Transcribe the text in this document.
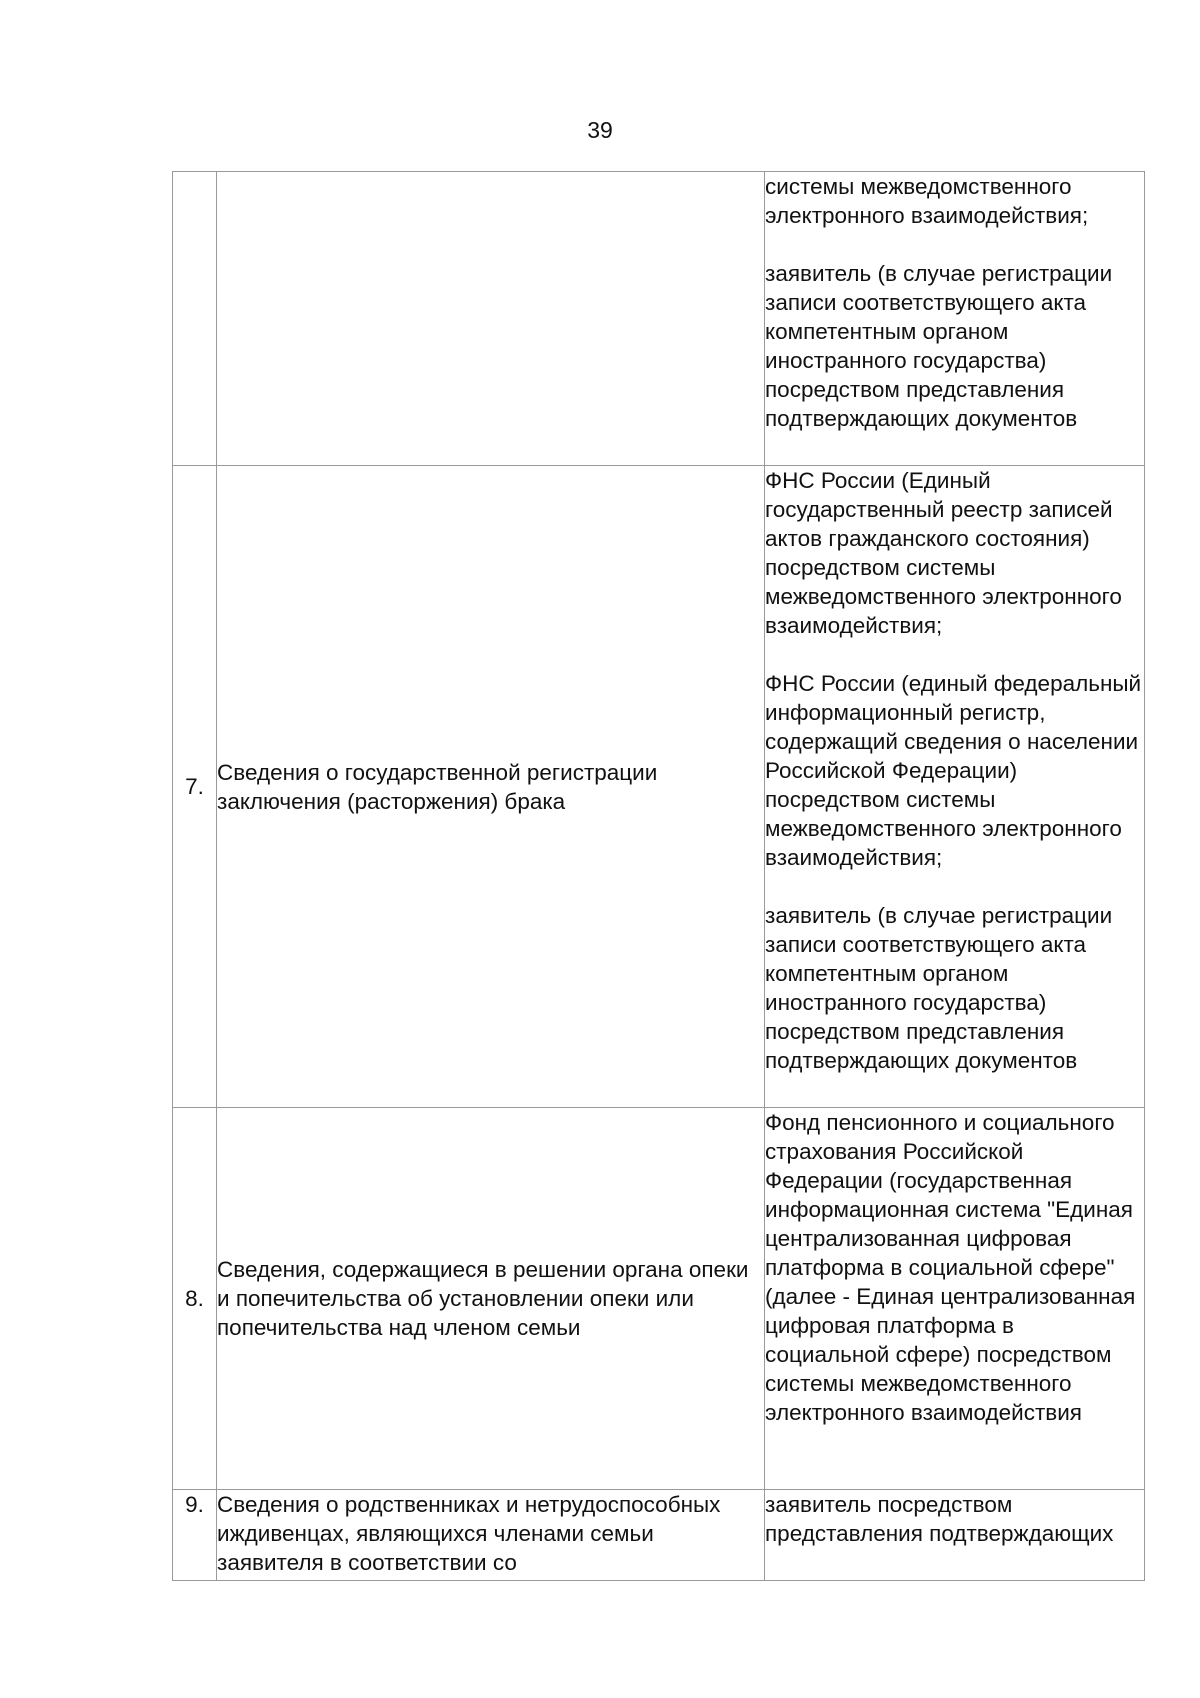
39

		системы межведомственного электронного взаимодействия;
заявитель (в случае регистрации записи соответствующего акта компетентным органом иностранного государства) посредством представления подтверждающих документов

7.	Сведения о государственной регистрации заключения (расторжения) брака	ФНС России (Единый государственный реестр записей актов гражданского состояния) посредством системы межведомственного электронного взаимодействия;
ФНС России (единый федеральный информационный регистр, содержащий сведения о населении Российской Федерации) посредством системы межведомственного электронного взаимодействия;
заявитель (в случае регистрации записи соответствующего акта компетентным органом иностранного государства) посредством представления подтверждающих документов

8.	Сведения, содержащиеся в решении органа опеки и попечительства об установлении опеки или попечительства над членом семьи	Фонд пенсионного и социального страхования Российской Федерации (государственная информационная система "Единая централизованная цифровая платформа в социальной сфере" (далее - Единая централизованная цифровая платформа в социальной сфере) посредством системы межведомственного электронного взаимодействия

9.	Сведения о родственниках и нетрудоспособных иждивенцах, являющихся членами семьи заявителя в соответствии со	заявитель посредством представления подтверждающих
